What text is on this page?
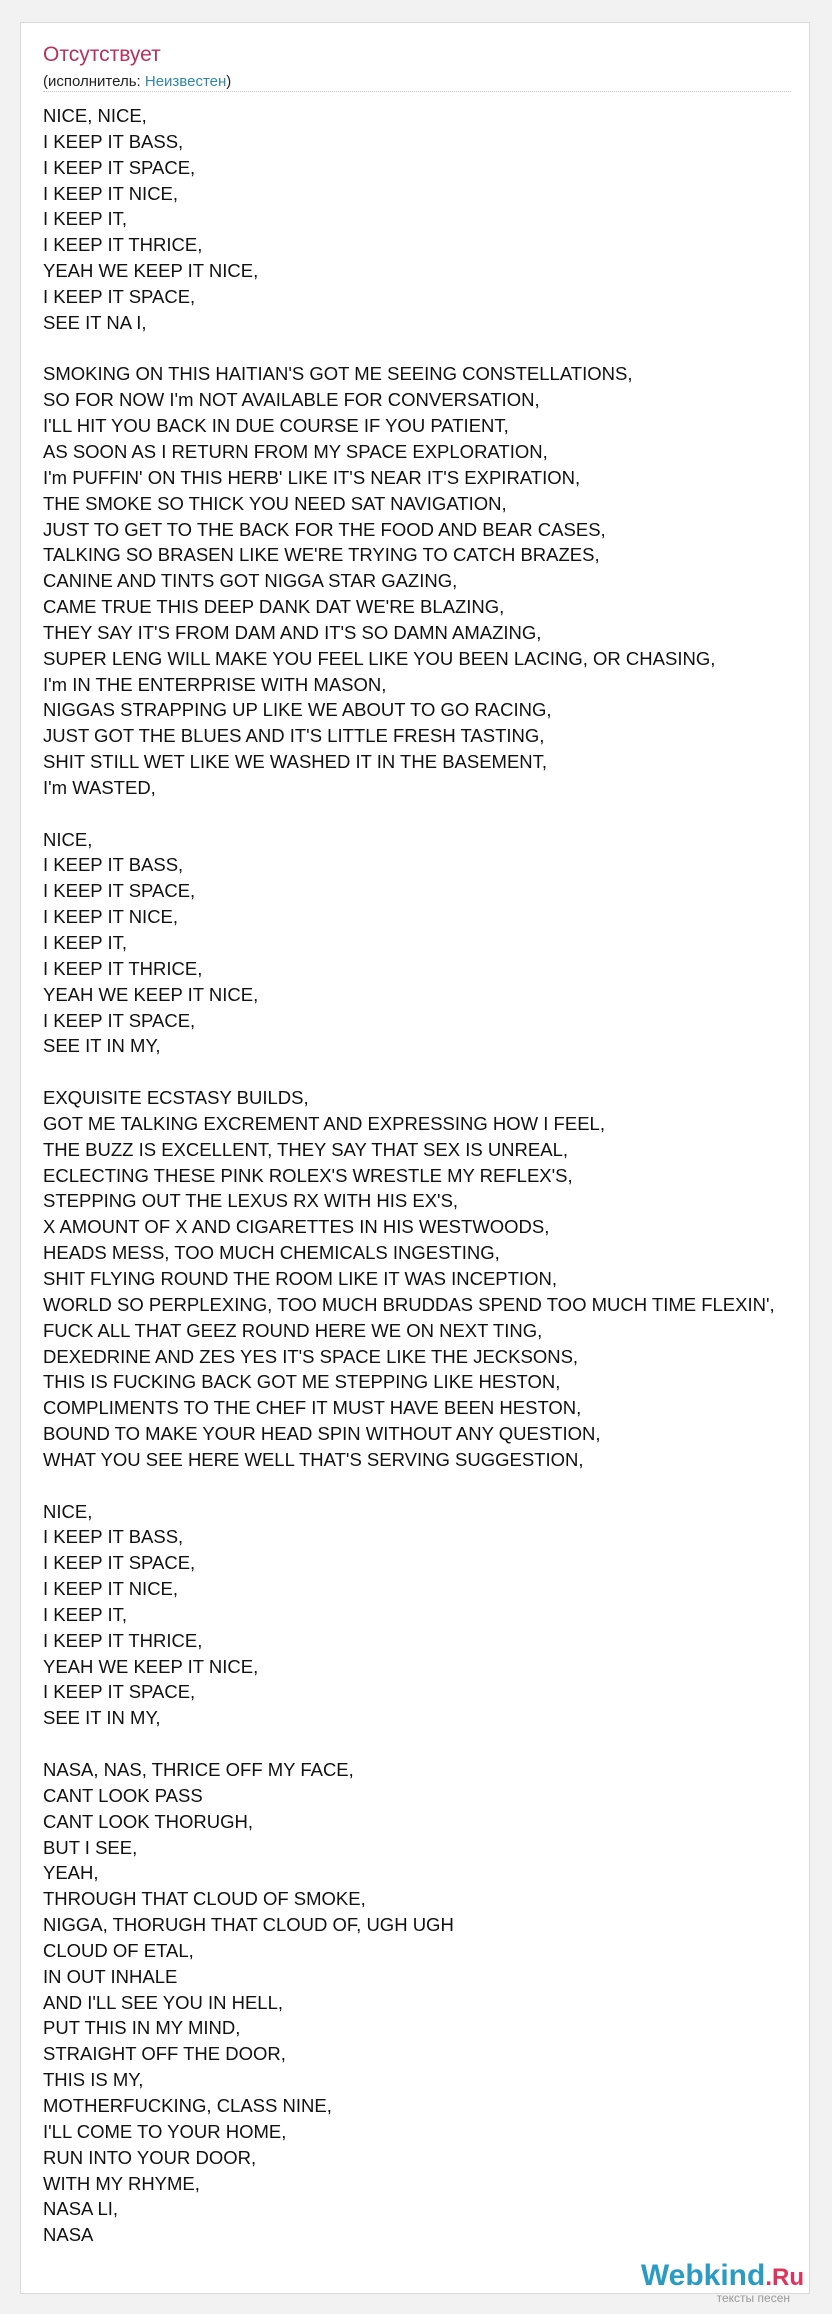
Отсутствует
(исполнитель: Неизвестен)
NICE, NICE,
I KEEP IT BASS,
I KEEP IT SPACE,
I KEEP IT NICE,
I KEEP IT,
I KEEP IT THRICE,
YEAH WE KEEP IT NICE,
I KEEP IT SPACE,
SEE IT NA I,
SMOKING ON THIS HAITIAN'S GOT ME SEEING CONSTELLATIONS,
SO FOR NOW I'm NOT AVAILABLE FOR CONVERSATION,
I'LL HIT YOU BACK IN DUE COURSE IF YOU PATIENT,
AS SOON AS I RETURN FROM MY SPACE EXPLORATION,
I'm PUFFIN' ON THIS HERB' LIKE IT'S NEAR IT'S EXPIRATION,
THE SMOKE SO THICK YOU NEED SAT NAVIGATION,
JUST TO GET TO THE BACK FOR THE FOOD AND BEAR CASES,
TALKING SO BRASEN LIKE WE'RE TRYING TO CATCH BRAZES,
CANINE AND TINTS GOT NIGGA STAR GAZING,
CAME TRUE THIS DEEP DANK DAT WE'RE BLAZING,
THEY SAY IT'S FROM DAM AND IT'S SO DAMN AMAZING,
SUPER LENG WILL MAKE YOU FEEL LIKE YOU BEEN LACING, OR CHASING,
I'm IN THE ENTERPRISE WITH MASON,
NIGGAS STRAPPING UP LIKE WE ABOUT TO GO RACING,
JUST GOT THE BLUES AND IT'S LITTLE FRESH TASTING,
SHIT STILL WET LIKE WE WASHED IT IN THE BASEMENT,
I'm WASTED,
NICE,
I KEEP IT BASS,
I KEEP IT SPACE,
I KEEP IT NICE,
I KEEP IT,
I KEEP IT THRICE,
YEAH WE KEEP IT NICE,
I KEEP IT SPACE,
SEE IT IN MY,
EXQUISITE ECSTASY BUILDS,
GOT ME TALKING EXCREMENT AND EXPRESSING HOW I FEEL,
THE BUZZ IS EXCELLENT, THEY SAY THAT SEX IS UNREAL,
ECLECTING THESE PINK ROLEX'S WRESTLE MY REFLEX'S,
STEPPING OUT THE LEXUS RX WITH HIS EX'S,
X AMOUNT OF X AND CIGARETTES IN HIS WESTWOODS,
HEADS MESS, TOO MUCH CHEMICALS INGESTING,
SHIT FLYING ROUND THE ROOM LIKE IT WAS INCEPTION,
WORLD SO PERPLEXING, TOO MUCH BRUDDAS SPEND TOO MUCH TIME FLEXIN',
FUCK ALL THAT GEEZ ROUND HERE WE ON NEXT TING,
DEXEDRINE AND ZES YES IT'S SPACE LIKE THE JECKSONS,
THIS IS FUCKING BACK GOT ME STEPPING LIKE HESTON,
COMPLIMENTS TO THE CHEF IT MUST HAVE BEEN HESTON,
BOUND TO MAKE YOUR HEAD SPIN WITHOUT ANY QUESTION,
WHAT YOU SEE HERE WELL THAT'S SERVING SUGGESTION,
NICE,
I KEEP IT BASS,
I KEEP IT SPACE,
I KEEP IT NICE,
I KEEP IT,
I KEEP IT THRICE,
YEAH WE KEEP IT NICE,
I KEEP IT SPACE,
SEE IT IN MY,
NASA, NAS, THRICE OFF MY FACE,
CANT LOOK PASS
CANT LOOK THORUGH,
BUT I SEE,
YEAH,
THROUGH THAT CLOUD OF SMOKE,
NIGGA, THORUGH THAT CLOUD OF, UGH UGH
CLOUD OF ETAL,
IN OUT INHALE
AND I'LL SEE YOU IN HELL,
PUT THIS IN MY MIND,
STRAIGHT OFF THE DOOR,
THIS IS MY,
MOTHERFUCKING, CLASS NINE,
I'LL COME TO YOUR HOME,
RUN INTO YOUR DOOR,
WITH MY RHYME,
NASA LI,
NASA
Webkind.Ru
тексты песен
